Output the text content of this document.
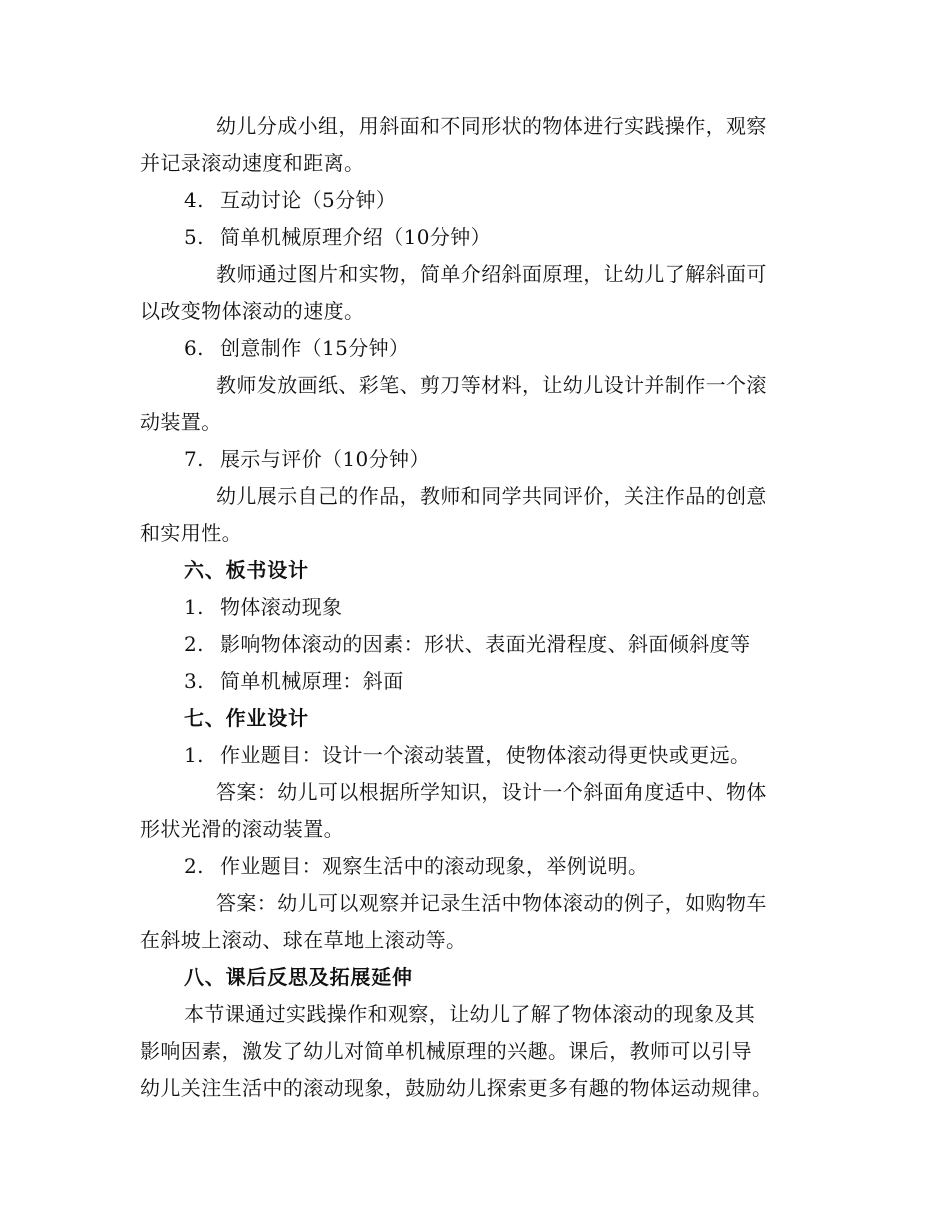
幼儿分成小组，用斜面和不同形状的物体进行实践操作，观察
并记录滚动速度和距离。
4. 互动讨论（5分钟）
5. 简单机械原理介绍（10分钟）
教师通过图片和实物，简单介绍斜面原理，让幼儿了解斜面可
以改变物体滚动的速度。
6. 创意制作（15分钟）
教师发放画纸、彩笔、剪刀等材料，让幼儿设计并制作一个滚
动装置。
7. 展示与评价（10分钟）
幼儿展示自己的作品，教师和同学共同评价，关注作品的创意
和实用性。
六、板书设计
1. 物体滚动现象
2. 影响物体滚动的因素：形状、表面光滑程度、斜面倾斜度等
3. 简单机械原理：斜面
七、作业设计
1. 作业题目：设计一个滚动装置，使物体滚动得更快或更远。
答案：幼儿可以根据所学知识，设计一个斜面角度适中、物体
形状光滑的滚动装置。
2. 作业题目：观察生活中的滚动现象，举例说明。
答案：幼儿可以观察并记录生活中物体滚动的例子，如购物车
在斜坡上滚动、球在草地上滚动等。
八、课后反思及拓展延伸
本节课通过实践操作和观察，让幼儿了解了物体滚动的现象及其
影响因素，激发了幼儿对简单机械原理的兴趣。课后，教师可以引导
幼儿关注生活中的滚动现象，鼓励幼儿探索更多有趣的物体运动规律。
